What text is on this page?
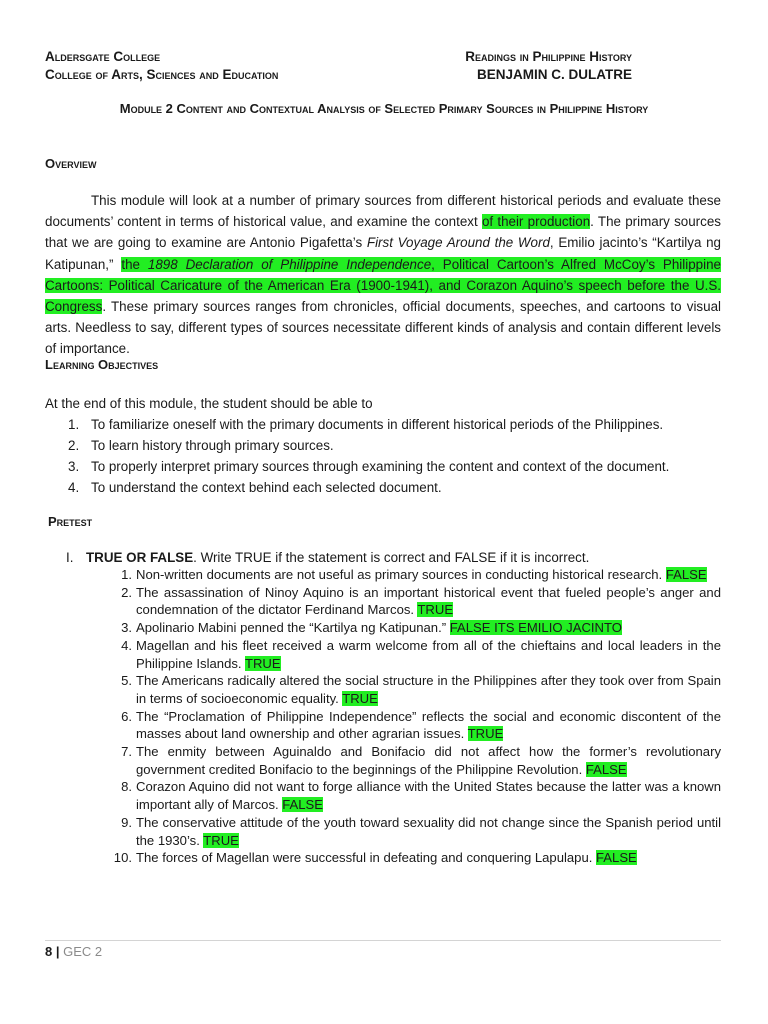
Aldersgate College
College of Arts, Sciences and Education
Readings in Philippine History
BENJAMIN C. DULATRE
Module 2 Content and Contextual Analysis of Selected Primary Sources in Philippine History
Overview
This module will look at a number of primary sources from different historical periods and evaluate these documents’ content in terms of historical value, and examine the context of their production. The primary sources that we are going to examine are Antonio Pigafetta’s First Voyage Around the Word, Emilio jacinto’s “Kartilya ng Katipunan,” the 1898 Declaration of Philippine Independence, Political Cartoon’s Alfred McCoy’s Philippine Cartoons: Political Caricature of the American Era (1900-1941), and Corazon Aquino’s speech before the U.S. Congress. These primary sources ranges from chronicles, official documents, speeches, and cartoons to visual arts. Needless to say, different types of sources necessitate different kinds of analysis and contain different levels of importance.
Learning Objectives
At the end of this module, the student should be able to
1. To familiarize oneself with the primary documents in different historical periods of the Philippines.
2. To learn history through primary sources.
3. To properly interpret primary sources through examining the content and context of the document.
4. To understand the context behind each selected document.
Pretest
I. TRUE OR FALSE. Write TRUE if the statement is correct and FALSE if it is incorrect.
1. Non-written documents are not useful as primary sources in conducting historical research. FALSE
2. The assassination of Ninoy Aquino is an important historical event that fueled people’s anger and condemnation of the dictator Ferdinand Marcos. TRUE
3. Apolinario Mabini penned the “Kartilya ng Katipunan.” FALSE ITS EMILIO JACINTO
4. Magellan and his fleet received a warm welcome from all of the chieftains and local leaders in the Philippine Islands. TRUE
5. The Americans radically altered the social structure in the Philippines after they took over from Spain in terms of socioeconomic equality. TRUE
6. The “Proclamation of Philippine Independence” reflects the social and economic discontent of the masses about land ownership and other agrarian issues. TRUE
7. The enmity between Aguinaldo and Bonifacio did not affect how the former’s revolutionary government credited Bonifacio to the beginnings of the Philippine Revolution. FALSE
8. Corazon Aquino did not want to forge alliance with the United States because the latter was a known important ally of Marcos. FALSE
9. The conservative attitude of the youth toward sexuality did not change since the Spanish period until the 1930’s. TRUE
10. The forces of Magellan were successful in defeating and conquering Lapulapu. FALSE
8 | GEC 2
